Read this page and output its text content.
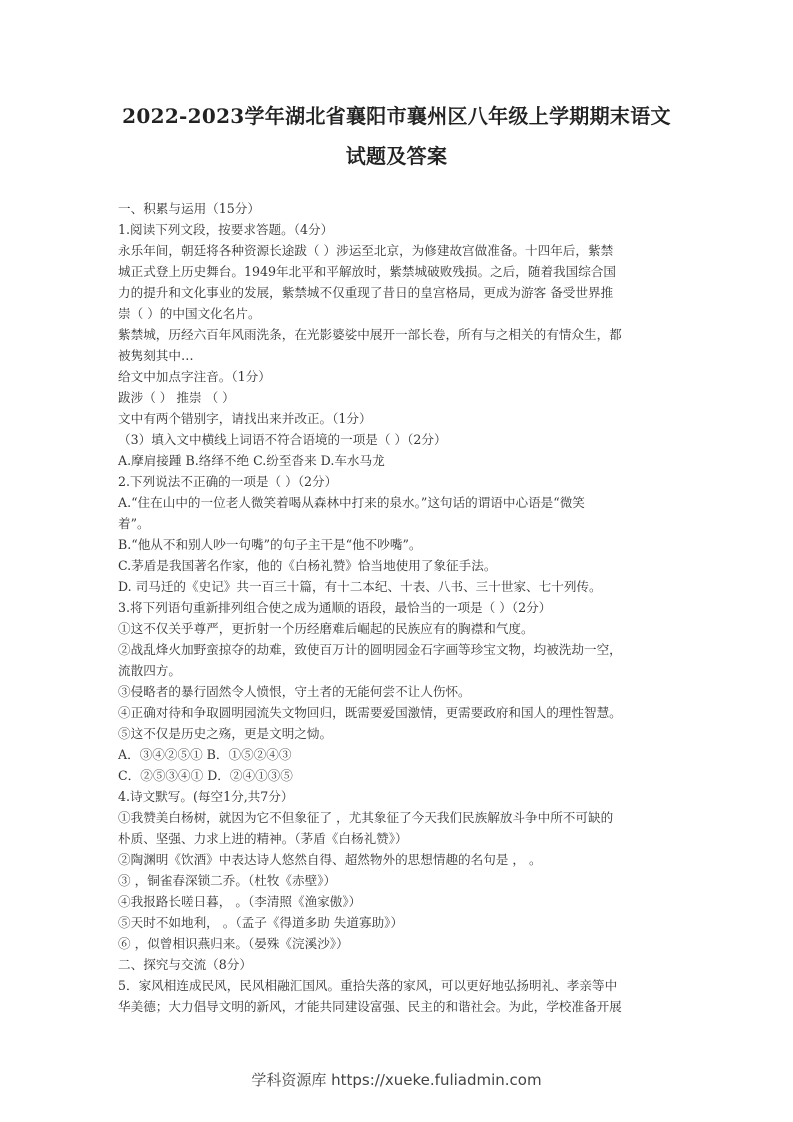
2022-2023学年湖北省襄阳市襄州区八年级上学期期末语文
试题及答案

一、积累与运用（15分）

1.阅读下列文段，按要求答题。（4分）

永乐年间，朝廷将各种资源长途跋（ ）涉运至北京，为修建故宫做准备。十四年后，紫禁

城正式登上历史舞台。1949年北平和平解放时，紫禁城破败残损。之后，随着我国综合国

力的提升和文化事业的发展，紫禁城不仅重现了昔日的皇宫格局，更成为游客 备受世界推

崇（ ）的中国文化名片。

紫禁城，历经六百年风雨洗条，在光影婆娑中展开一部长卷，所有与之相关的有情众生，都

被隽刻其中…

给文中加点字注音。（1分）

跋涉（ ） 推崇 （ ）

文中有两个错别字，请找出来并改正。（1分）

（3）填入文中横线上词语不符合语境的一项是（ ）（2分）

A.摩肩接踵 B.络绎不绝 C.纷至沓来 D.车水马龙

2.下列说法不正确的一项是（ ）（2分）

A.“住在山中的一位老人微笑着喝从森林中打来的泉水。”这句话的谓语中心语是“微笑

着”。

B.“他从不和别人吵一句嘴”的句子主干是“他不吵嘴”。

C.茅盾是我国著名作家，他的《白杨礼赞》恰当地使用了象征手法。

D. 司马迁的《史记》共一百三十篇，有十二本纪、十表、八书、三十世家、七十列传。

3.将下列语句重新排列组合使之成为通顺的语段，最恰当的一项是（ ）（2分）

①这不仅关乎尊严，更折射一个历经磨难后崛起的民族应有的胸襟和气度。

②战乱烽火加野蛮掠夺的劫难，致使百万计的圆明园金石字画等珍宝文物，均被洗劫一空，

流散四方。

③侵略者的暴行固然令人愤恨，守土者的无能何尝不让人伤怀。

④正确对待和争取圆明园流失文物回归，既需要爱国激情，更需要政府和国人的理性智慧。

⑤这不仅是历史之殇，更是文明之恸。

A．③④②⑤① B．①⑤②④③

C．②⑤③④① D．②④①③⑤

4.诗文默写。(每空1分,共7分）

①我赞美白杨树，就因为它不但象征了 ，尤其象征了今天我们民族解放斗争中所不可缺的

朴质、坚强、力求上进的精神。（茅盾《白杨礼赞》）

②陶渊明《饮酒》中表达诗人悠然自得、超然物外的思想情趣的名句是 ， 。

③ ，铜雀春深锁二乔。（杜牧《赤壁》）

④我报路长嗟日暮， 。（李清照《渔家傲》）

⑤天时不如地利， 。（孟子《得道多助 失道寡助》）

⑥ ，似曾相识燕归来。（晏殊《浣溪沙》）

二、探究与交流（8分）

5．家风相连成民风，民风相融汇国风。重拾失落的家风，可以更好地弘扬明礼、孝亲等中

华美德；大力倡导文明的新风，才能共同建设富强、民主的和谐社会。为此，学校准备开展

学科资源库 https://xueke.fuliadmin.com
